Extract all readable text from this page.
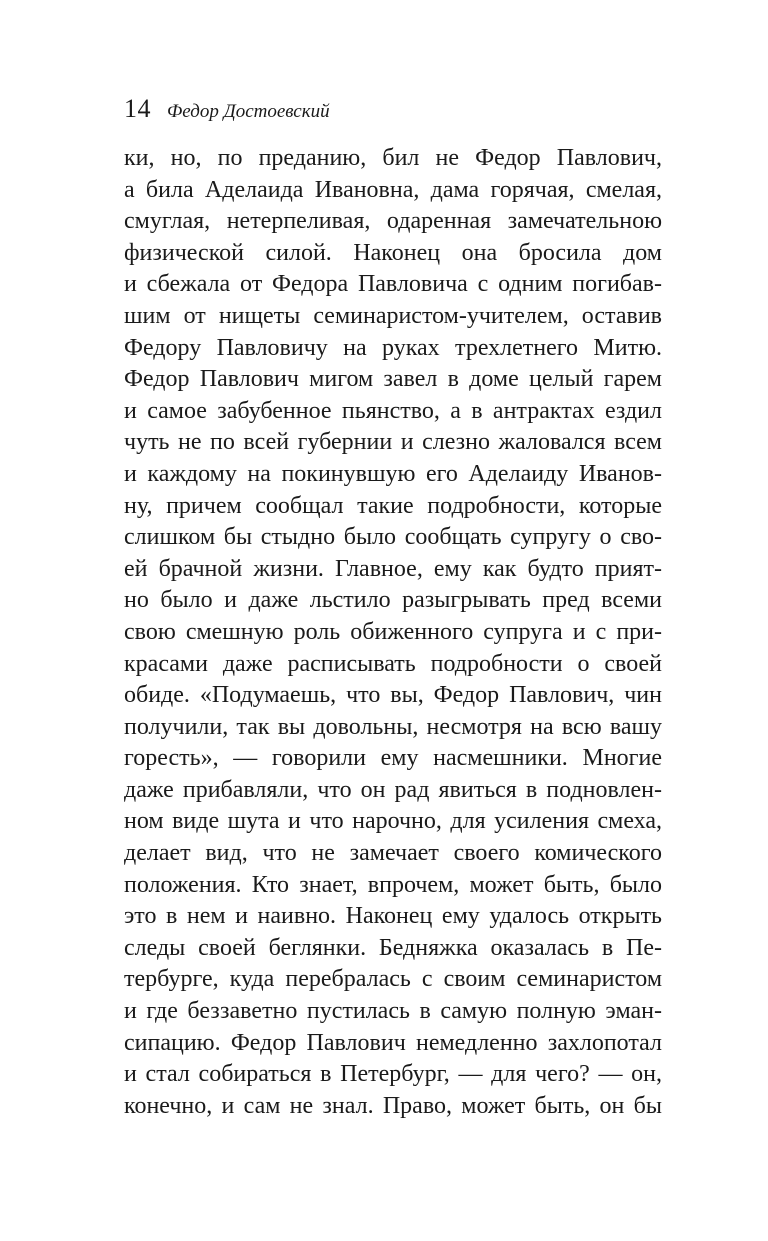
14 Федор Достоевский
ки, но, по преданию, бил не Федор Павлович,
а била Аделаида Ивановна, дама горячая, смелая,
смуглая, нетерпеливая, одаренная замечательною
физической силой. Наконец она бросила дом
и сбежала от Федора Павловича с одним погибав-
шим от нищеты семинаристом-учителем, оставив
Федору Павловичу на руках трехлетнего Митю.
Федор Павлович мигом завел в доме целый гарем
и самое забубенное пьянство, а в антрактах ездил
чуть не по всей губернии и слезно жаловался всем
и каждому на покинувшую его Аделаиду Иванов-
ну, причем сообщал такие подробности, которые
слишком бы стыдно было сообщать супругу о сво-
ей брачной жизни. Главное, ему как будто прият-
но было и даже льстило разыгрывать пред всеми
свою смешную роль обиженного супруга и с при-
красами даже расписывать подробности о своей
обиде. «Подумаешь, что вы, Федор Павлович, чин
получили, так вы довольны, несмотря на всю вашу
горесть», — говорили ему насмешники. Многие
даже прибавляли, что он рад явиться в подновлен-
ном виде шута и что нарочно, для усиления смеха,
делает вид, что не замечает своего комического
положения. Кто знает, впрочем, может быть, было
это в нем и наивно. Наконец ему удалось открыть
следы своей беглянки. Бедняжка оказалась в Пе-
тербурге, куда перебралась с своим семинаристом
и где беззаветно пустилась в самую полную эман-
сипацию. Федор Павлович немедленно захлопотал
и стал собираться в Петербург, — для чего? — он,
конечно, и сам не знал. Право, может быть, он бы
